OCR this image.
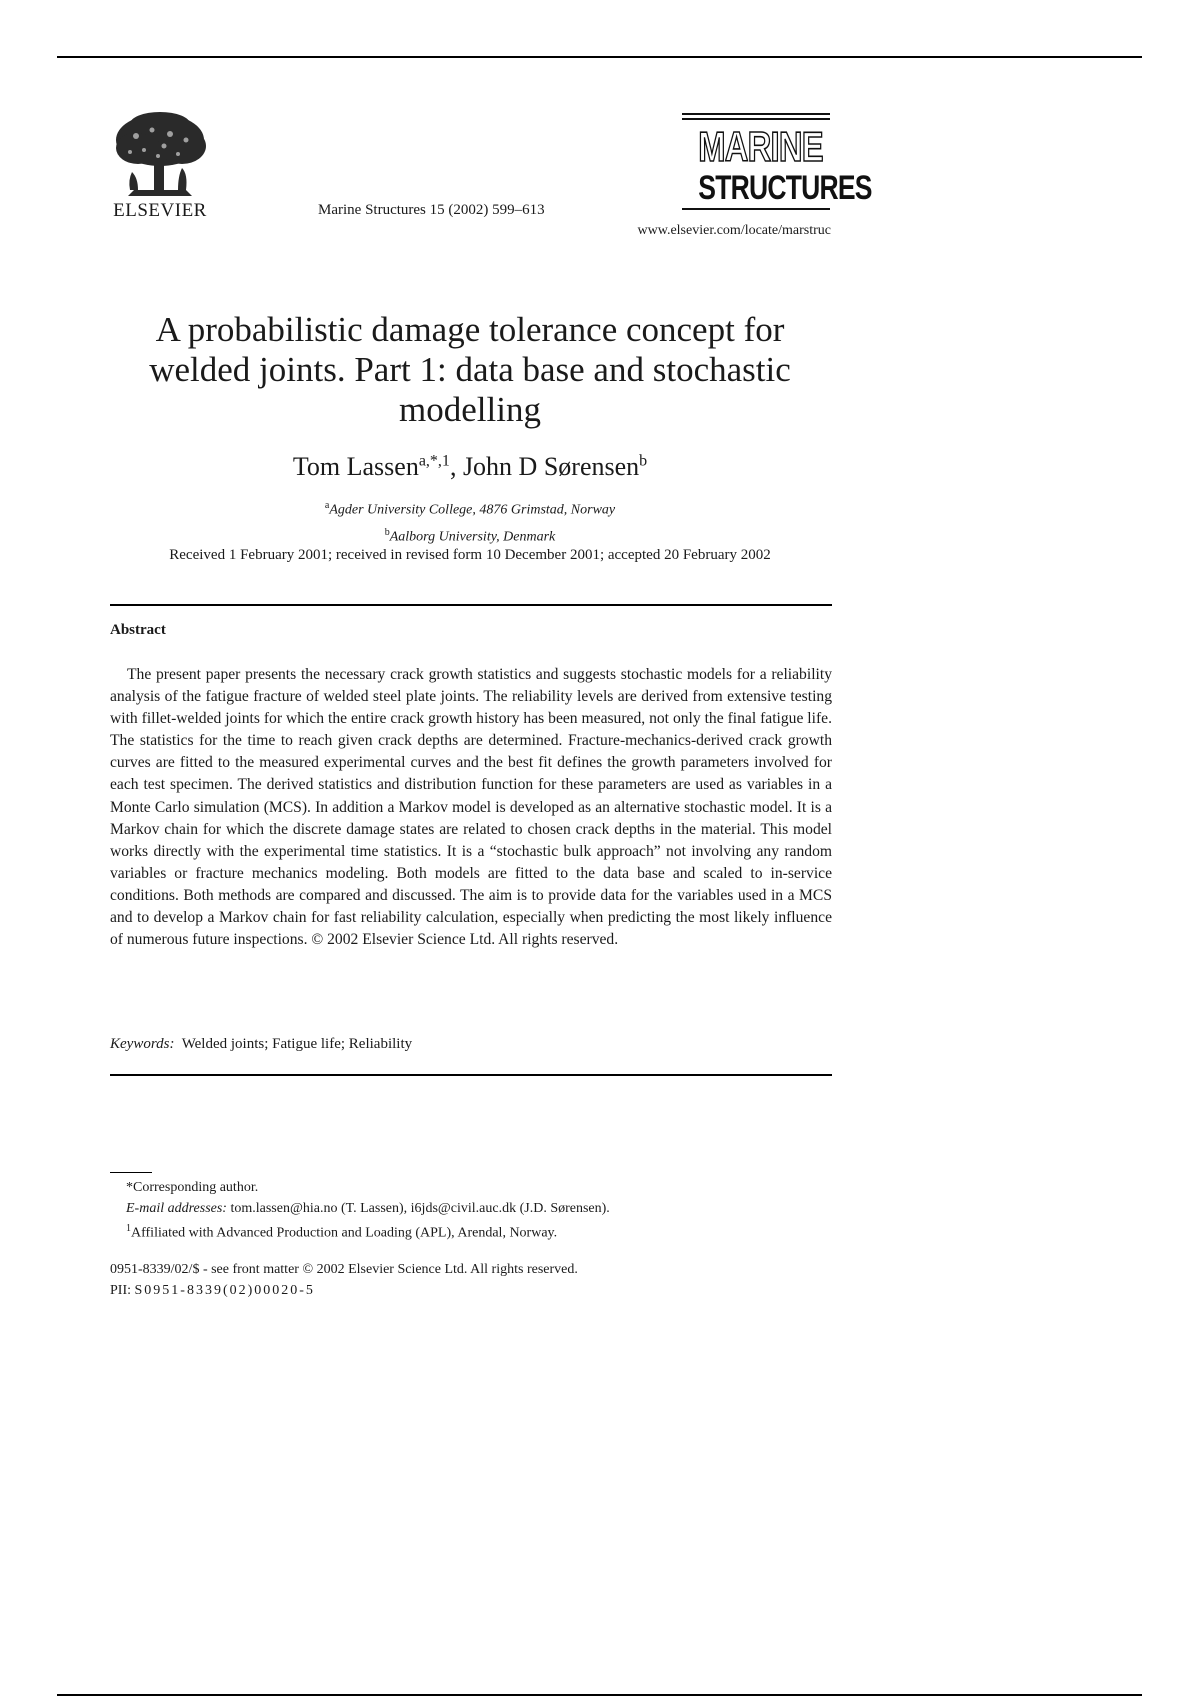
ELSEVIER	Marine Structures 15 (2002) 599–613
MARINE
STRUCTURES
www.elsevier.com/locate/marstruc
A probabilistic damage tolerance concept for welded joints. Part 1: data base and stochastic modelling
Tom Lassen$^{a,*,1}$, John D Sørensen$^b$
$^a$Agder University College, 4876 Grimstad, Norway
$^b$Aalborg University, Denmark
Received 1 February 2001; received in revised form 10 December 2001; accepted 20 February 2002
Abstract

The present paper presents the necessary crack growth statistics and suggests stochastic models for a reliability analysis of the fatigue fracture of welded steel plate joints. The reliability levels are derived from extensive testing with fillet-welded joints for which the entire crack growth history has been measured, not only the final fatigue life. The statistics for the time to reach given crack depths are determined. Fracture-mechanics-derived crack growth curves are fitted to the measured experimental curves and the best fit defines the growth parameters involved for each test specimen. The derived statistics and distribution function for these parameters are used as variables in a Monte Carlo simulation (MCS). In addition a Markov model is developed as an alternative stochastic model. It is a Markov chain for which the discrete damage states are related to chosen crack depths in the material. This model works directly with the experimental time statistics. It is a “stochastic bulk approach” not involving any random variables or fracture mechanics modeling. Both models are fitted to the data base and scaled to in-service conditions. Both methods are compared and discussed. The aim is to provide data for the variables used in a MCS and to develop a Markov chain for fast reliability calculation, especially when predicting the most likely influence of numerous future inspections. © 2002 Elsevier Science Ltd. All rights reserved.

Keywords: Welded joints; Fatigue life; Reliability
*Corresponding author.
E-mail addresses: tom.lassen@hia.no (T. Lassen), i6jds@civil.auc.dk (J.D. Sørensen).
$^1$Affiliated with Advanced Production and Loading (APL), Arendal, Norway.
0951-8339/02/$ - see front matter © 2002 Elsevier Science Ltd. All rights reserved.
PII: S0951-8339(02)00020-5
